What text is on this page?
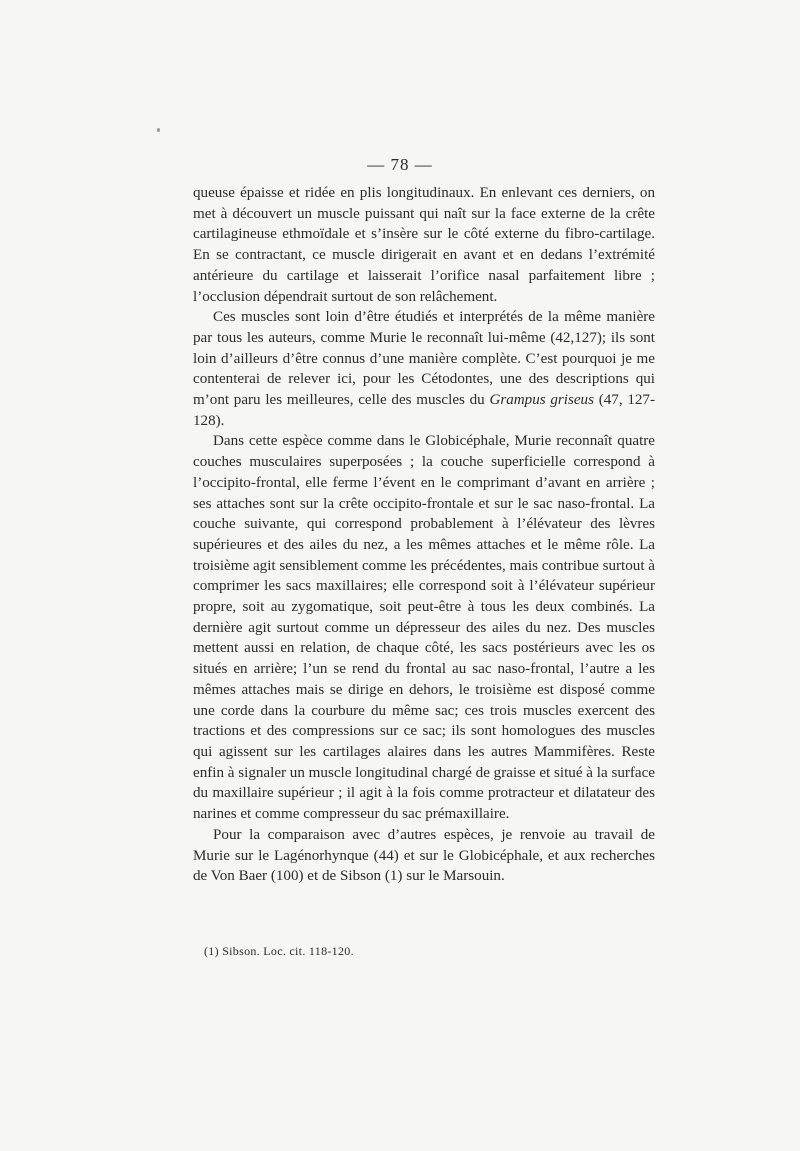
— 78 —

queuse épaisse et ridée en plis longitudinaux. En enlevant ces derniers, on met à découvert un muscle puissant qui naît sur la face externe de la crête cartilagineuse ethmoïdale et s’insère sur le côté externe du fibro-cartilage. En se contractant, ce muscle dirigerait en avant et en dedans l’extrémité antérieure du cartilage et laisserait l’orifice nasal parfaitement libre ; l’occlusion dépendrait surtout de son relâchement.

Ces muscles sont loin d’être étudiés et interprétés de la même manière par tous les auteurs, comme Murie le reconnaît lui-même (42,127); ils sont loin d’ailleurs d’être connus d’une manière complète. C’est pourquoi je me contenterai de relever ici, pour les Cétodontes, une des descriptions qui m’ont paru les meilleures, celle des muscles du Grampus griseus (47, 127-128).

Dans cette espèce comme dans le Globicéphale, Murie reconnaît quatre couches musculaires superposées ; la couche superficielle correspond à l’occipito-frontal, elle ferme l’évent en le comprimant d’avant en arrière ; ses attaches sont sur la crête occipito-frontale et sur le sac naso-frontal. La couche suivante, qui correspond probablement à l’élévateur des lèvres supérieures et des ailes du nez, a les mêmes attaches et le même rôle. La troisième agit sensiblement comme les précédentes, mais contribue surtout à comprimer les sacs maxillaires; elle correspond soit à l’élévateur supérieur propre, soit au zygomatique, soit peut-être à tous les deux combinés. La dernière agit surtout comme un dépresseur des ailes du nez. Des muscles mettent aussi en relation, de chaque côté, les sacs postérieurs avec les os situés en arrière; l’un se rend du frontal au sac naso-frontal, l’autre a les mêmes attaches mais se dirige en dehors, le troisième est disposé comme une corde dans la courbure du même sac; ces trois muscles exercent des tractions et des compressions sur ce sac; ils sont homologues des muscles qui agissent sur les cartilages alaires dans les autres Mammifères. Reste enfin à signaler un muscle longitudinal chargé de graisse et situé à la surface du maxillaire supérieur ; il agit à la fois comme protracteur et dilatateur des narines et comme compresseur du sac prémaxillaire.

Pour la comparaison avec d’autres espèces, je renvoie au travail de Murie sur le Lagénorhynque (44) et sur le Globicéphale, et aux recherches de Von Baer (100) et de Sibson (1) sur le Marsouin.

(1) Sibson. Loc. cit. 118-120.
